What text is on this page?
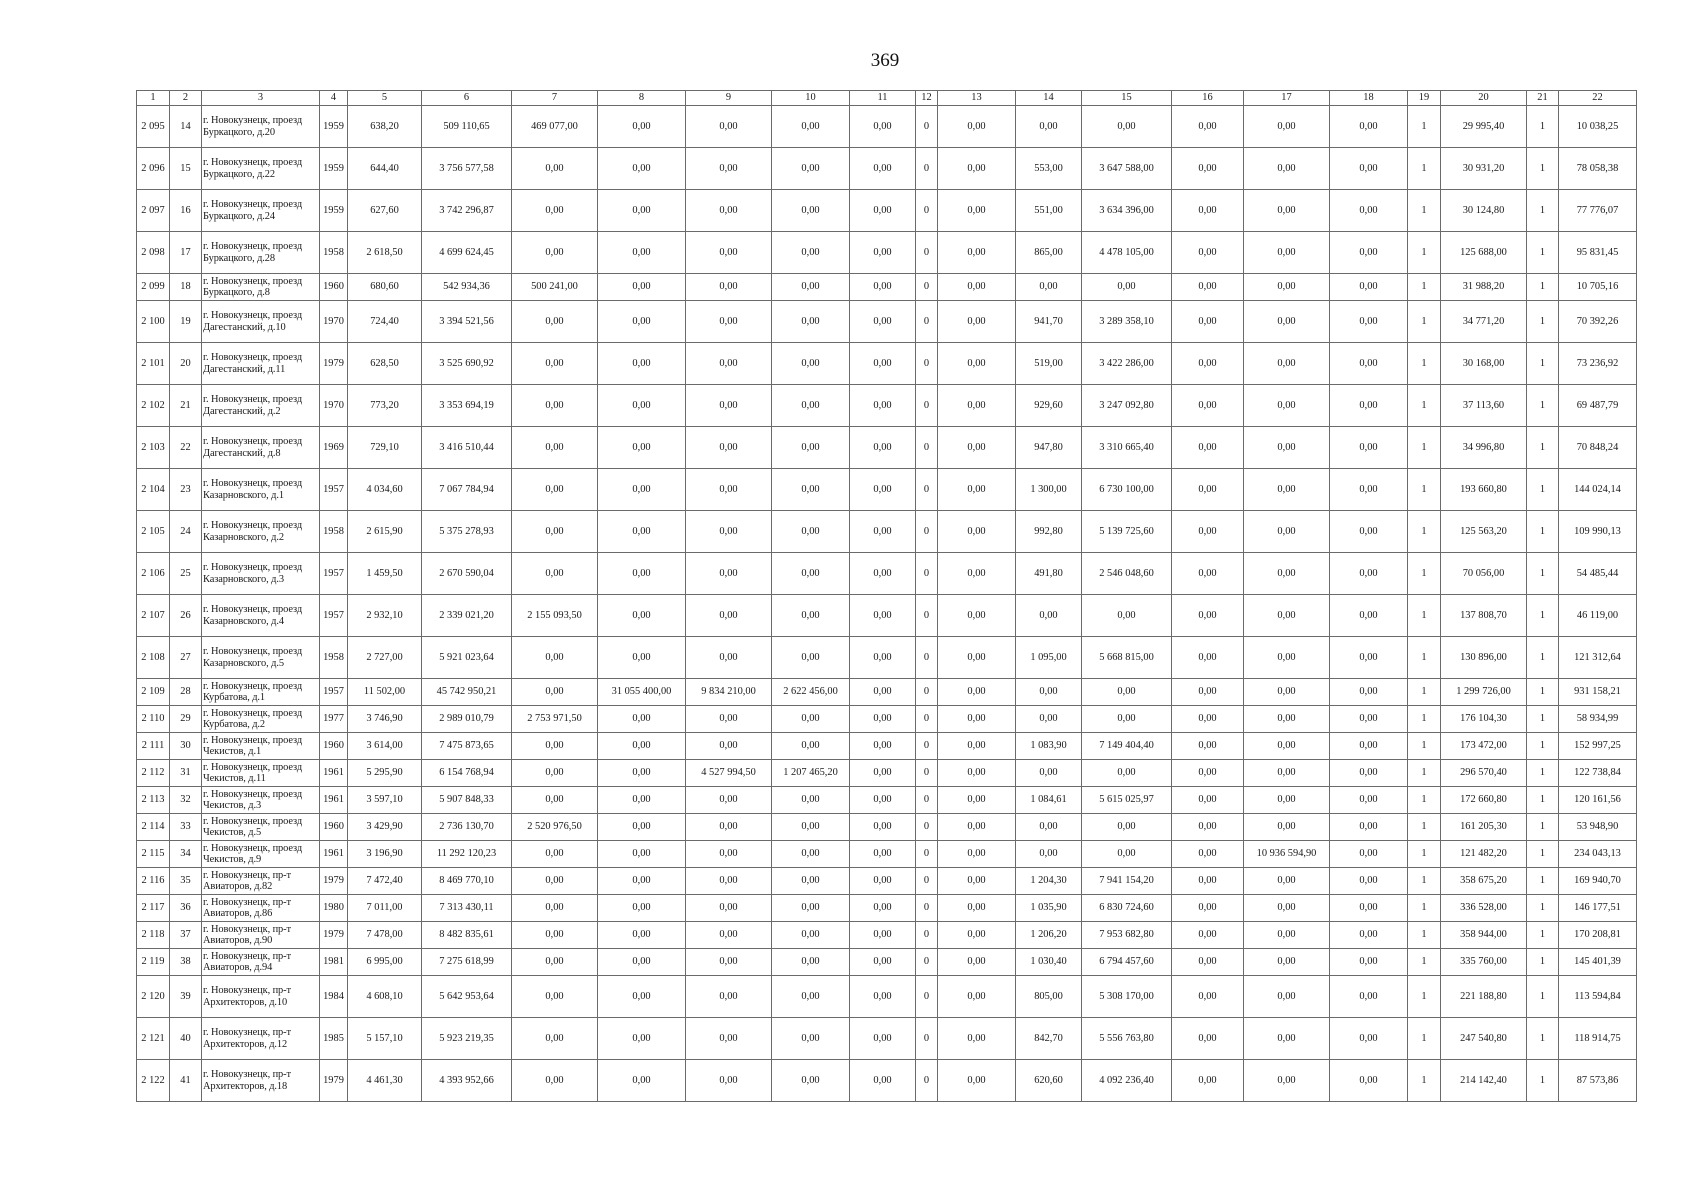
369
1	2	3	4	5	6	7	8	9	10	11	12	13	14	15	16	17	18	19	20	21	22
2 095	14	г. Новокузнецк, проезд Буркацкого, д.20	1959	638,20	509 110,65	469 077,00	0,00	0,00	0,00	0,00	0	0,00	0,00	0,00	0,00	0,00	0,00	1	29 995,40	1	10 038,25
2 096	15	г. Новокузнецк, проезд Буркацкого, д.22	1959	644,40	3 756 577,58	0,00	0,00	0,00	0,00	0,00	0	0,00	553,00	3 647 588,00	0,00	0,00	0,00	1	30 931,20	1	78 058,38
2 097	16	г. Новокузнецк, проезд Буркацкого, д.24	1959	627,60	3 742 296,87	0,00	0,00	0,00	0,00	0,00	0	0,00	551,00	3 634 396,00	0,00	0,00	0,00	1	30 124,80	1	77 776,07
2 098	17	г. Новокузнецк, проезд Буркацкого, д.28	1958	2 618,50	4 699 624,45	0,00	0,00	0,00	0,00	0,00	0	0,00	865,00	4 478 105,00	0,00	0,00	0,00	1	125 688,00	1	95 831,45
2 099	18	г. Новокузнецк, проезд Буркацкого, д.8	1960	680,60	542 934,36	500 241,00	0,00	0,00	0,00	0,00	0	0,00	0,00	0,00	0,00	0,00	0,00	1	31 988,20	1	10 705,16
2 100	19	г. Новокузнецк, проезд Дагестанский, д.10	1970	724,40	3 394 521,56	0,00	0,00	0,00	0,00	0,00	0	0,00	941,70	3 289 358,10	0,00	0,00	0,00	1	34 771,20	1	70 392,26
2 101	20	г. Новокузнецк, проезд Дагестанский, д.11	1979	628,50	3 525 690,92	0,00	0,00	0,00	0,00	0,00	0	0,00	519,00	3 422 286,00	0,00	0,00	0,00	1	30 168,00	1	73 236,92
2 102	21	г. Новокузнецк, проезд Дагестанский, д.2	1970	773,20	3 353 694,19	0,00	0,00	0,00	0,00	0,00	0	0,00	929,60	3 247 092,80	0,00	0,00	0,00	1	37 113,60	1	69 487,79
2 103	22	г. Новокузнецк, проезд Дагестанский, д.8	1969	729,10	3 416 510,44	0,00	0,00	0,00	0,00	0,00	0	0,00	947,80	3 310 665,40	0,00	0,00	0,00	1	34 996,80	1	70 848,24
2 104	23	г. Новокузнецк, проезд Казарновского, д.1	1957	4 034,60	7 067 784,94	0,00	0,00	0,00	0,00	0,00	0	0,00	1 300,00	6 730 100,00	0,00	0,00	0,00	1	193 660,80	1	144 024,14
2 105	24	г. Новокузнецк, проезд Казарновского, д.2	1958	2 615,90	5 375 278,93	0,00	0,00	0,00	0,00	0,00	0	0,00	992,80	5 139 725,60	0,00	0,00	0,00	1	125 563,20	1	109 990,13
2 106	25	г. Новокузнецк, проезд Казарновского, д.3	1957	1 459,50	2 670 590,04	0,00	0,00	0,00	0,00	0,00	0	0,00	491,80	2 546 048,60	0,00	0,00	0,00	1	70 056,00	1	54 485,44
2 107	26	г. Новокузнецк, проезд Казарновского, д.4	1957	2 932,10	2 339 021,20	2 155 093,50	0,00	0,00	0,00	0,00	0	0,00	0,00	0,00	0,00	0,00	0,00	1	137 808,70	1	46 119,00
2 108	27	г. Новокузнецк, проезд Казарновского, д.5	1958	2 727,00	5 921 023,64	0,00	0,00	0,00	0,00	0,00	0	0,00	1 095,00	5 668 815,00	0,00	0,00	0,00	1	130 896,00	1	121 312,64
2 109	28	г. Новокузнецк, проезд Курбатова, д.1	1957	11 502,00	45 742 950,21	0,00	31 055 400,00	9 834 210,00	2 622 456,00	0,00	0	0,00	0,00	0,00	0,00	0,00	0,00	1	1 299 726,00	1	931 158,21
2 110	29	г. Новокузнецк, проезд Курбатова, д.2	1977	3 746,90	2 989 010,79	2 753 971,50	0,00	0,00	0,00	0,00	0	0,00	0,00	0,00	0,00	0,00	0,00	1	176 104,30	1	58 934,99
2 111	30	г. Новокузнецк, проезд Чекистов, д.1	1960	3 614,00	7 475 873,65	0,00	0,00	0,00	0,00	0,00	0	0,00	1 083,90	7 149 404,40	0,00	0,00	0,00	1	173 472,00	1	152 997,25
2 112	31	г. Новокузнецк, проезд Чекистов, д.11	1961	5 295,90	6 154 768,94	0,00	0,00	4 527 994,50	1 207 465,20	0,00	0	0,00	0,00	0,00	0,00	0,00	0,00	1	296 570,40	1	122 738,84
2 113	32	г. Новокузнецк, проезд Чекистов, д.3	1961	3 597,10	5 907 848,33	0,00	0,00	0,00	0,00	0,00	0	0,00	1 084,61	5 615 025,97	0,00	0,00	0,00	1	172 660,80	1	120 161,56
2 114	33	г. Новокузнецк, проезд Чекистов, д.5	1960	3 429,90	2 736 130,70	2 520 976,50	0,00	0,00	0,00	0,00	0	0,00	0,00	0,00	0,00	0,00	0,00	1	161 205,30	1	53 948,90
2 115	34	г. Новокузнецк, проезд Чекистов, д.9	1961	3 196,90	11 292 120,23	0,00	0,00	0,00	0,00	0,00	0	0,00	0,00	0,00	0,00	10 936 594,90	0,00	1	121 482,20	1	234 043,13
2 116	35	г. Новокузнецк, пр-т Авиаторов, д.82	1979	7 472,40	8 469 770,10	0,00	0,00	0,00	0,00	0,00	0	0,00	1 204,30	7 941 154,20	0,00	0,00	0,00	1	358 675,20	1	169 940,70
2 117	36	г. Новокузнецк, пр-т Авиаторов, д.86	1980	7 011,00	7 313 430,11	0,00	0,00	0,00	0,00	0,00	0	0,00	1 035,90	6 830 724,60	0,00	0,00	0,00	1	336 528,00	1	146 177,51
2 118	37	г. Новокузнецк, пр-т Авиаторов, д.90	1979	7 478,00	8 482 835,61	0,00	0,00	0,00	0,00	0,00	0	0,00	1 206,20	7 953 682,80	0,00	0,00	0,00	1	358 944,00	1	170 208,81
2 119	38	г. Новокузнецк, пр-т Авиаторов, д.94	1981	6 995,00	7 275 618,99	0,00	0,00	0,00	0,00	0,00	0	0,00	1 030,40	6 794 457,60	0,00	0,00	0,00	1	335 760,00	1	145 401,39
2 120	39	г. Новокузнецк, пр-т Архитекторов, д.10	1984	4 608,10	5 642 953,64	0,00	0,00	0,00	0,00	0,00	0	0,00	805,00	5 308 170,00	0,00	0,00	0,00	1	221 188,80	1	113 594,84
2 121	40	г. Новокузнецк, пр-т Архитекторов, д.12	1985	5 157,10	5 923 219,35	0,00	0,00	0,00	0,00	0,00	0	0,00	842,70	5 556 763,80	0,00	0,00	0,00	1	247 540,80	1	118 914,75
2 122	41	г. Новокузнецк, пр-т Архитекторов, д.18	1979	4 461,30	4 393 952,66	0,00	0,00	0,00	0,00	0,00	0	0,00	620,60	4 092 236,40	0,00	0,00	0,00	1	214 142,40	1	87 573,86
